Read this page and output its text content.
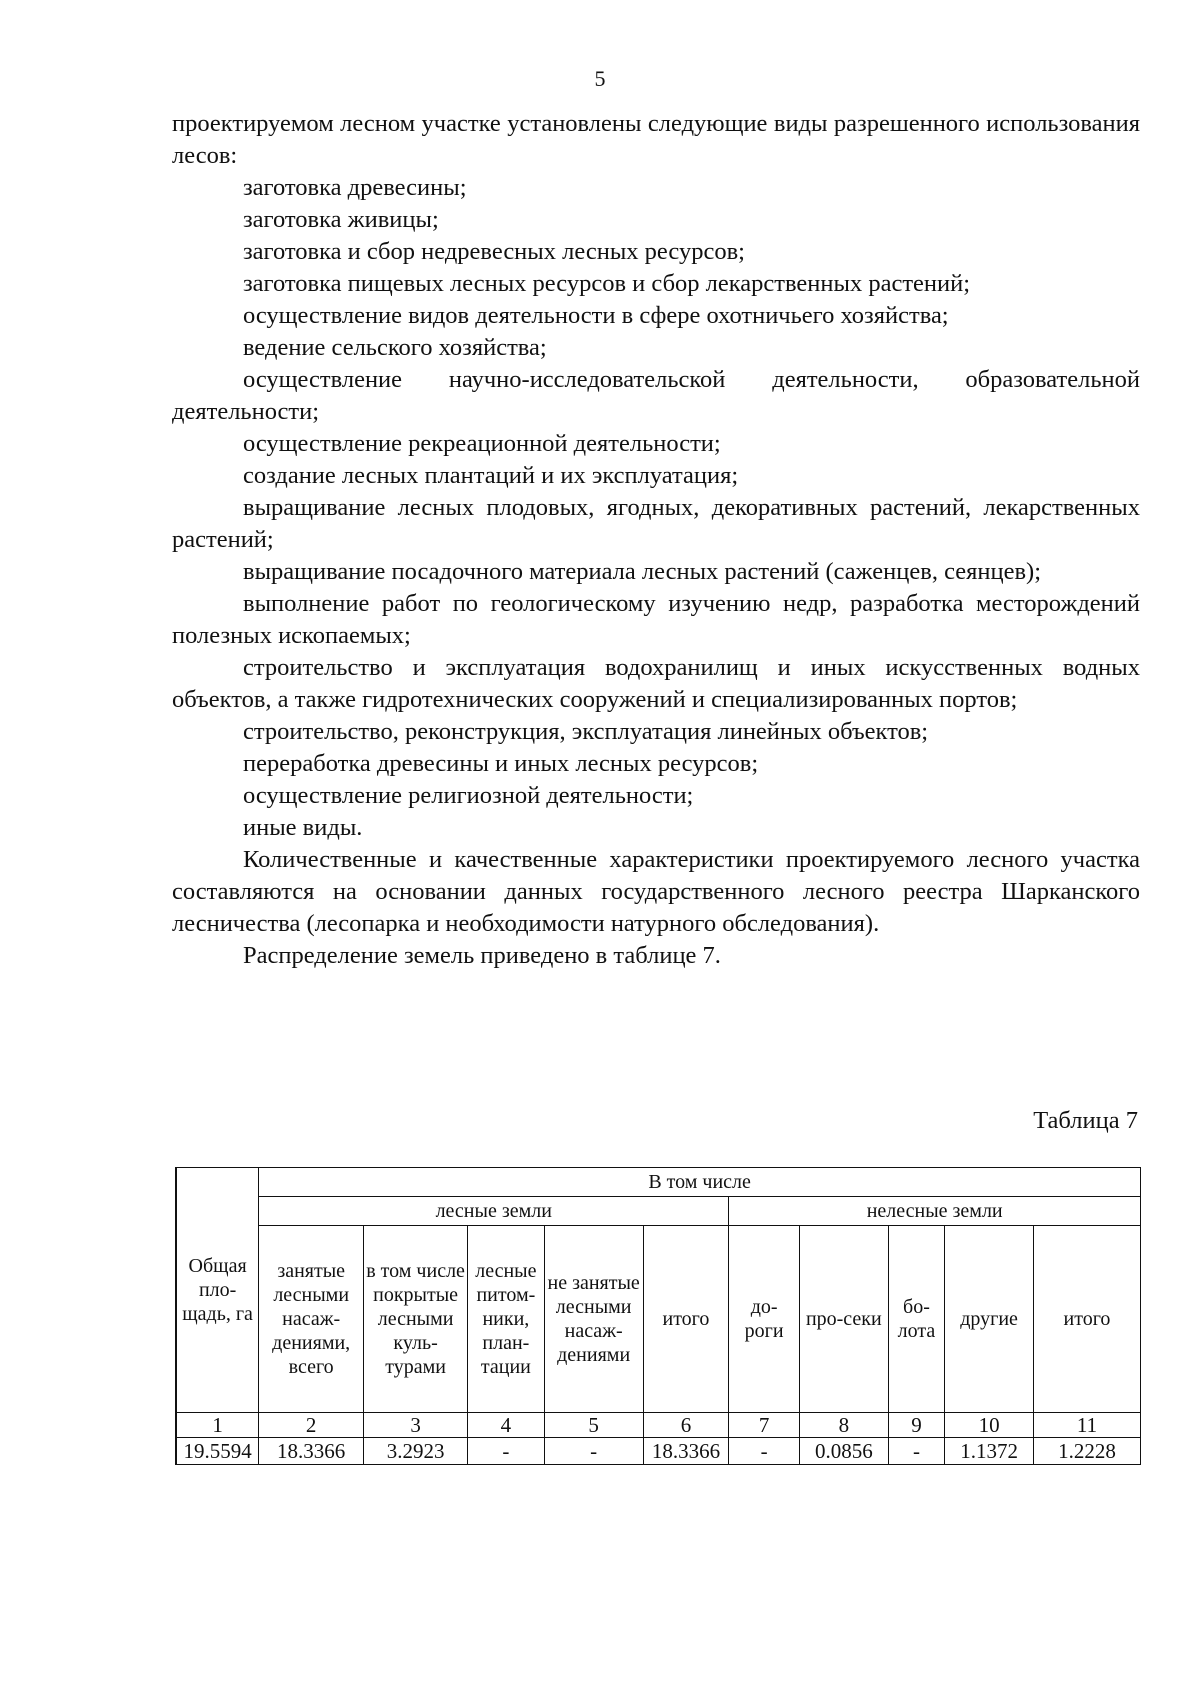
5

проектируемом лесном участке установлены следующие виды разрешенного использования лесов:

заготовка древесины;

заготовка живицы;

заготовка и сбор недревесных лесных ресурсов;

заготовка пищевых лесных ресурсов и сбор лекарственных растений;

осуществление видов деятельности в сфере охотничьего хозяйства;

ведение сельского хозяйства;

осуществление научно-исследовательской деятельности, образовательной деятельности;

осуществление рекреационной деятельности;

создание лесных плантаций и их эксплуатация;

выращивание лесных плодовых, ягодных, декоративных растений, лекарственных растений;

выращивание посадочного материала лесных растений (саженцев, сеянцев);

выполнение работ по геологическому изучению недр, разработка месторождений полезных ископаемых;

строительство и эксплуатация водохранилищ и иных искусственных водных объектов, а также гидротехнических сооружений и специализированных портов;

строительство, реконструкция, эксплуатация линейных объектов;

переработка древесины и иных лесных ресурсов;

осуществление религиозной деятельности;

иные виды.

Количественные и качественные характеристики проектируемого лесного участка составляются на основании данных государственного лесного реестра Шарканского лесничества (лесопарка и необходимости натурного обследования).

Распределение земель приведено в таблице 7.

Таблица 7
Общая пло-щадь, га	В том числе									
	лесные земли					нелесные земли				
	занятые лесными насаж-дениями, всего	в том числе покрытые лесными куль-турами	лесные питом-ники, план-тации	не занятые лесными насаж-дениями	итого	до-роги	про-секи	бо-лота	другие	итого
1	2	3	4	5	6	7	8	9	10	11
19.5594	18.3366	3.2923	-	-	18.3366	-	0.0856	-	1.1372	1.2228
